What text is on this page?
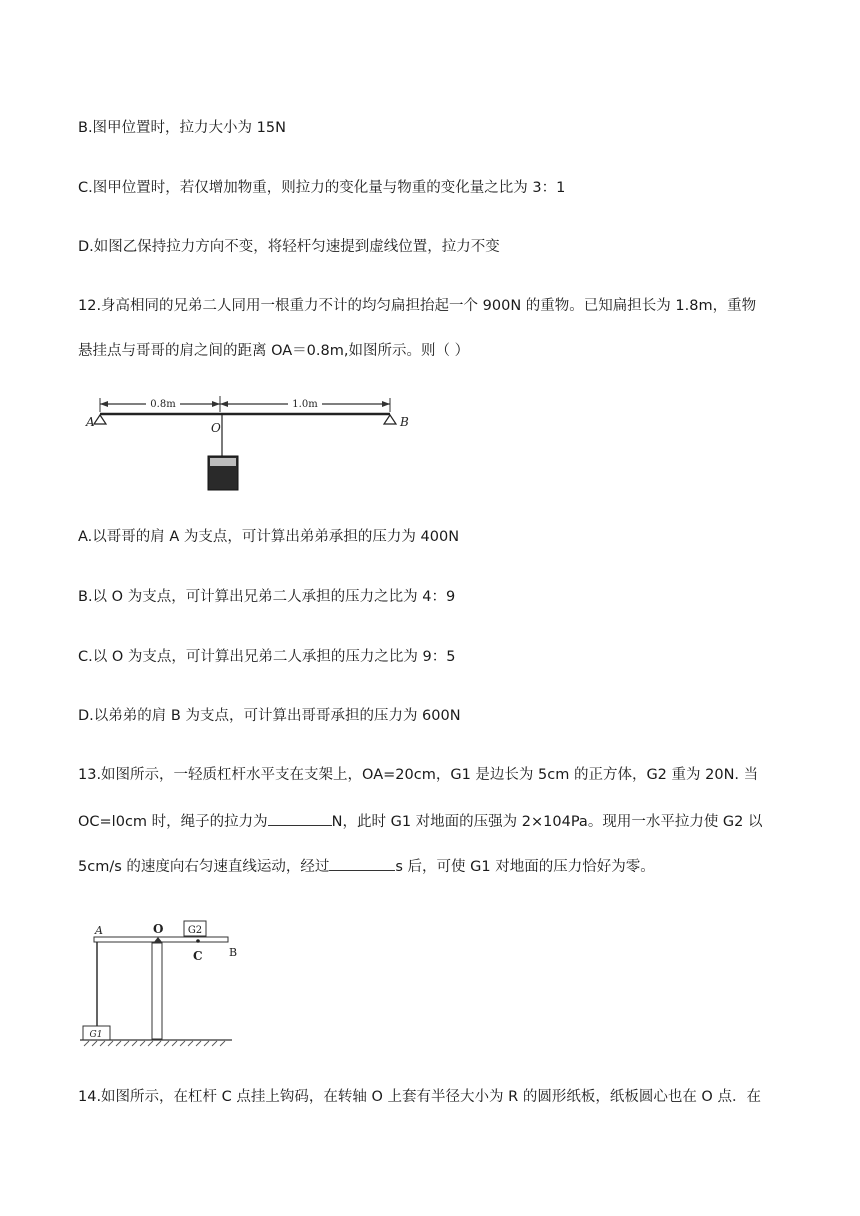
B.图甲位置时，拉力大小为 15N
C.图甲位置时，若仅增加物重，则拉力的变化量与物重的变化量之比为 3：1
D.如图乙保持拉力方向不变，将轻杆匀速提到虚线位置，拉力不变
12.身高相同的兄弟二人同用一根重力不计的均匀扁担抬起一个 900N 的重物。已知扁担长为 1.8m，重物
悬挂点与哥哥的肩之间的距离 OA＝0.8m,如图所示。则（ ）
0.8m	1.0m
A	B
O
A.以哥哥的肩 A 为支点，可计算出弟弟承担的压力为 400N
B.以 O 为支点，可计算出兄弟二人承担的压力之比为 4：9
C.以 O 为支点，可计算出兄弟二人承担的压力之比为 9：5
D.以弟弟的肩 B 为支点，可计算出哥哥承担的压力为 600N
13.如图所示，一轻质杠杆水平支在支架上，OA=20cm，G1 是边长为 5cm 的正方体，G2 重为 20N. 当
OC=l0cm 时，绳子的拉力为	N，此时 G1 对地面的压强为 2×104Pa。现用一水平拉力使 G2 以
5cm/s 的速度向右匀速直线运动，经过	s 后，可使 G1 对地面的压力恰好为零。
G2
G1
A	O
C B
14.如图所示，在杠杆 C 点挂上钩码，在转轴 O 上套有半径大小为 R 的圆形纸板，纸板圆心也在 O 点．在
